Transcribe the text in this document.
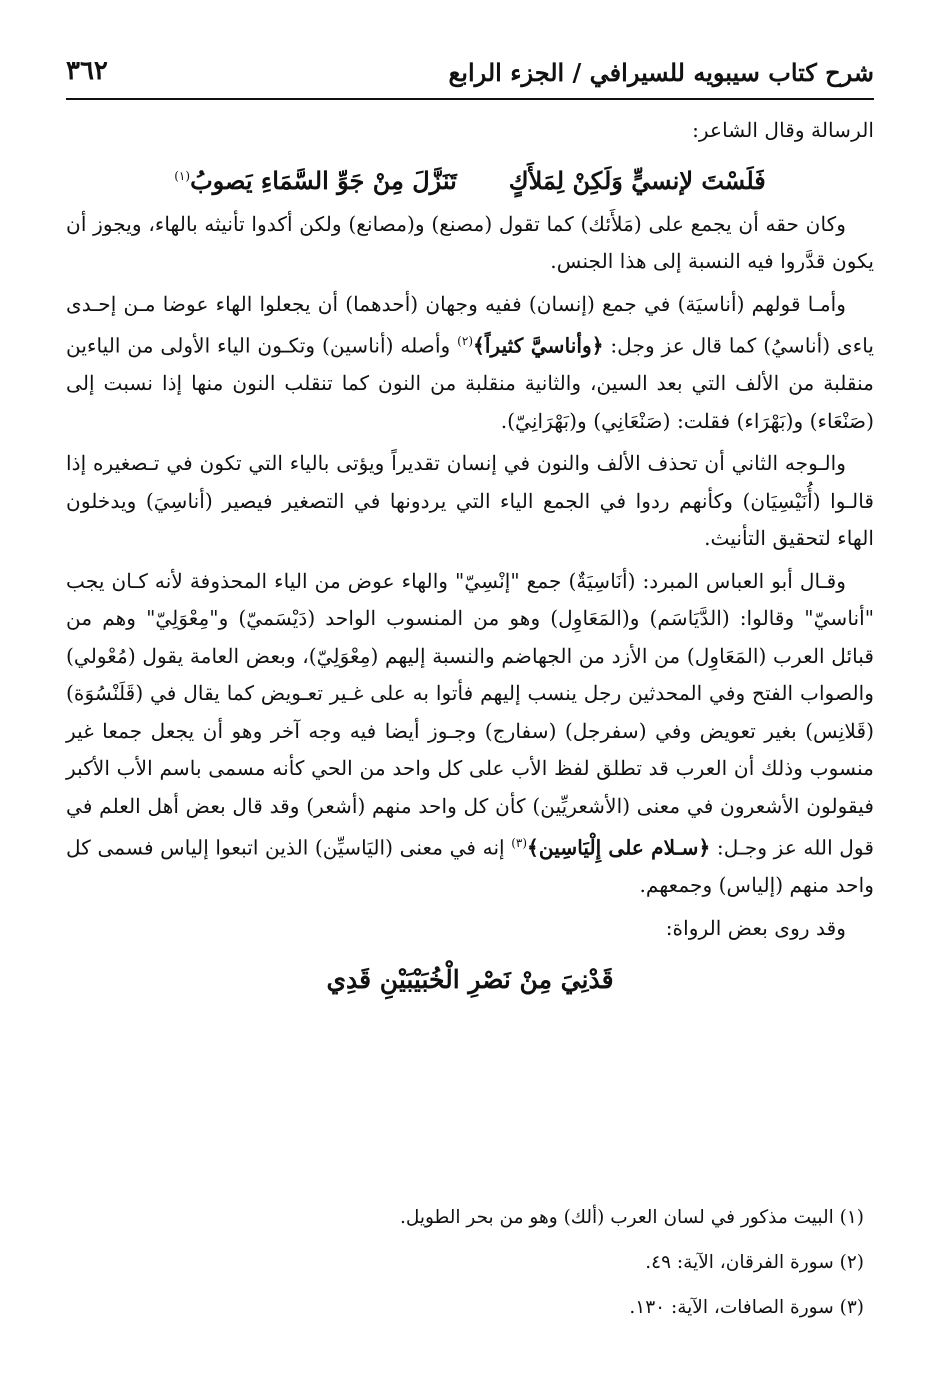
شرح كتاب سيبويه للسيرافي / الجزء الرابع
٣٦٢

الرسالة وقال الشاعر:

فَلَسْتَ لإنسيٍّ وَلَكِنْ لِمَلأَكٍتَنَزَّلَ مِنْ جَوِّ السَّمَاءِ يَصوبُ$^{(١)}$

وكان حقه أن يجمع على (مَلأَئك) كما تقول (مصنع) و(مصانع) ولكن أكدوا تأنيثه بالهاء، ويجوز أن يكون قدَّروا فيه النسبة إلى هذا الجنس.

وأمـا قولهم (أناسيَة) في جمع (إنسان) ففيه وجهان (أحدهما) أن يجعلوا الهاء عوضا مـن إحـدى ياءى (أناسيُ) كما قال عز وجل: ﴿وأناسيَّ كثيراً﴾$^{(٢)}$ وأصله (أناسين) وتكـون الياء الأولى من الياءين منقلبة من الألف التي بعد السين، والثانية منقلبة من النون كما تنقلب النون منها إذا نسبت إلى (صَنْعَاء) و(بَهْرَاء) فقلت: (صَنْعَانِي) و(بَهْرَانِيّ).

والـوجه الثاني أن تحذف الألف والنون في إنسان تقديراً ويؤتى بالياء التي تكون في تـصغيره إذا قالـوا (أُنَيْسِيَان) وكأنهم ردوا في الجمع الياء التي يردونها في التصغير فيصير (أناسِيَ) ويدخلون الهاء لتحقيق التأنيث.

وقـال أبو العباس المبرد: (أنَاسِيَةٌ) جمع "إنْسِيّ" والهاء عوض من الياء المحذوفة لأنه كـان يجب "أناسيّ" وقالوا: (الدَّيَاسَم) و(المَعَاوِل) وهو من المنسوب الواحد (دَيْسَميّ) و"مِعْوَلِيّ" وهم من قبائل العرب (المَعَاوِل) من الأزد من الجهاضم والنسبة إليهم (مِعْوَلِيّ)، وبعض العامة يقول (مُعْولي) والصواب الفتح وفي المحدثين رجل ينسب إليهم فأتوا به على غـير تعـويض كما يقال في (قَلَنْسُوَة) (قَلانِس) بغير تعويض وفي (سفرجل) (سفارج) وجـوز أيضا فيه وجه آخر وهو أن يجعل جمعا غير منسوب وذلك أن العرب قد تطلق لفظ الأب على كل واحد من الحي كأنه مسمى باسم الأب الأكبر فيقولون الأشعرون في معنى (الأشعريِّين) كأن كل واحد منهم (أشعر) وقد قال بعض أهل العلم في قول الله عز وجـل: ﴿سـلام على إِلْيَاسِين﴾$^{(٣)}$ إنه في معنى (اليَاسيِّن) الذين اتبعوا إلياس فسمى كل واحد منهم (إلياس) وجمعهم.

وقد روى بعض الرواة:

قَدْنِيَ مِنْ نَصْرِ الْخُبَيْبَيْنِ قَدِي

(١) البيت مذكور في لسان العرب (ألك) وهو من بحر الطويل.

(٢) سورة الفرقان، الآية: ٤٩.

(٣) سورة الصافات، الآية: ١٣٠.
